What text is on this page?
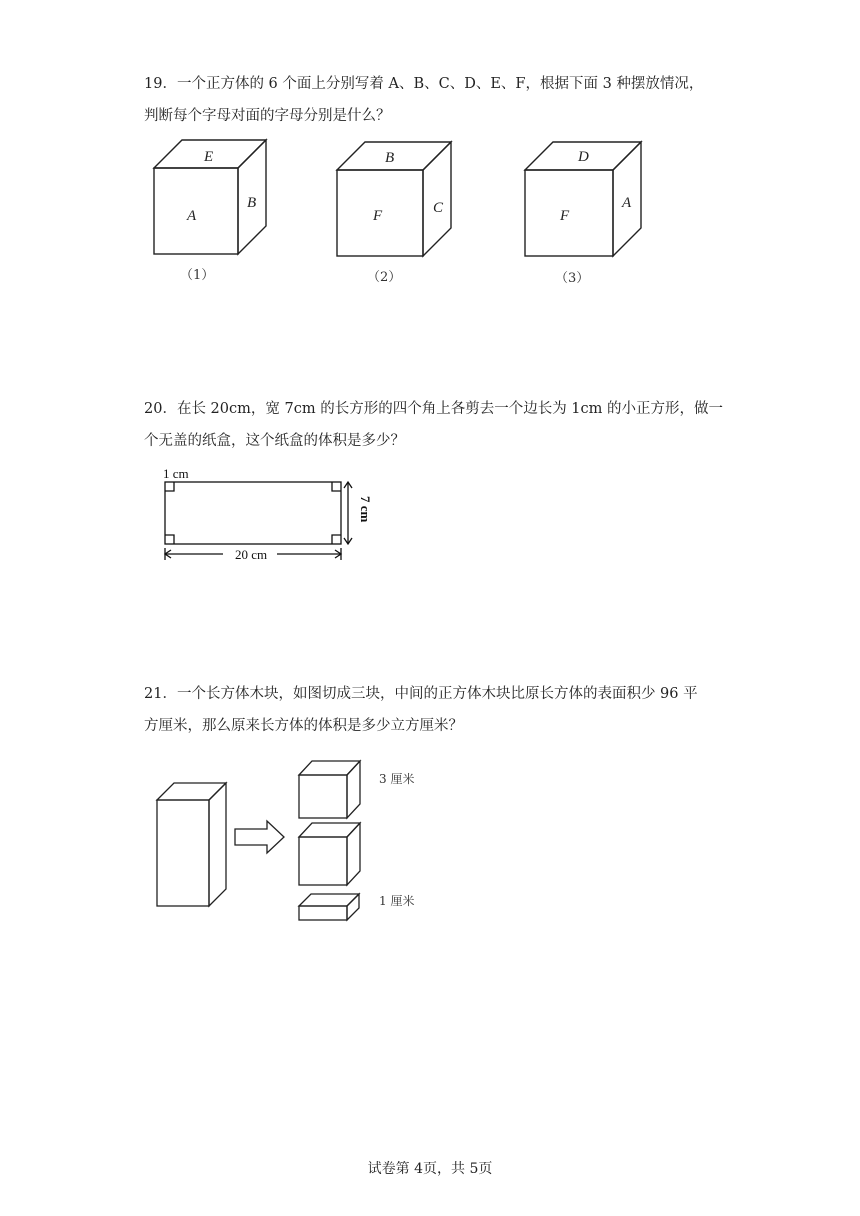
19．一个正方体的 6 个面上分别写着 A、B、C、D、E、F，根据下面 3 种摆放情况，

判断每个字母对面的字母分别是什么？

E
A
B
（1）
B
F	C
（2）
D
F
A
（3）

20．在长 20cm，宽 7cm 的长方形的四个角上各剪去一个边长为 1cm 的小正方形，做一

个无盖的纸盒，这个纸盒的体积是多少？

1 cm
20 cm
7 cm

21．一个长方体木块，如图切成三块，中间的正方体木块比原长方体的表面积少 96 平

方厘米，那么原来长方体的体积是多少立方厘米？

3 厘米
1 厘米
试卷第 4页，共 5页
